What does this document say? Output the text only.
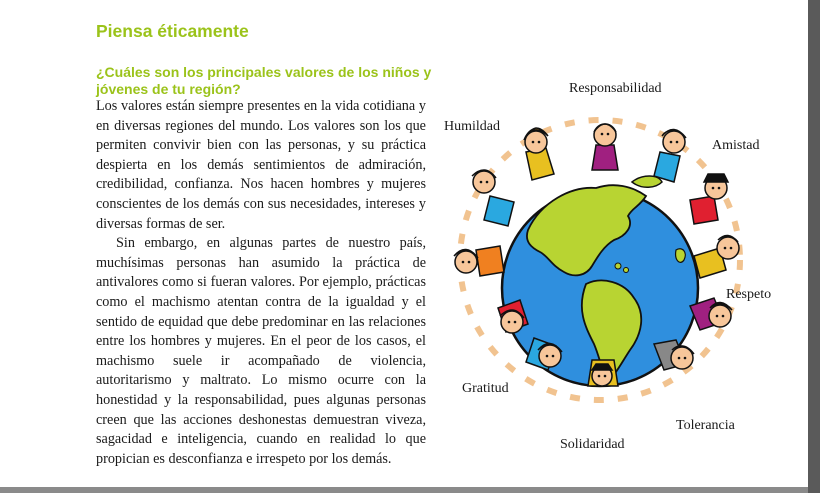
Piensa éticamente
¿Cuáles son los principales valores de los niños y jóvenes de tu región?

Los valores están siempre presentes en la vida cotidiana y en diversas regiones del mundo. Los valores son los que permiten convivir bien con las personas, y su práctica despierta en los demás sentimientos de admiración, credibilidad, confianza. Nos hacen hombres y mujeres conscientes de los demás con sus necesidades, intereses y diversas formas de ser.

Sin embargo, en algunas partes de nuestro país, muchísimas personas han asumido la práctica de antivalores como si fueran valores. Por ejemplo, prácticas como el machismo atentan contra de la igualdad y el sentido de equidad que debe predominar en las relaciones entre los hombres y mujeres. En el peor de los casos, el machismo suele ir acompañado de violencia, autoritarismo y maltrato. Lo mismo ocurre con la honestidad y la responsabilidad, pues algunas personas creen que las acciones deshonestas demuestran viveza, sagacidad e inteligencia, cuando en realidad lo que propician es desconfianza e irrespeto por los demás.

Responsabilidad
Humildad
Amistad
Respeto
Gratitud
Tolerancia
Solidaridad
